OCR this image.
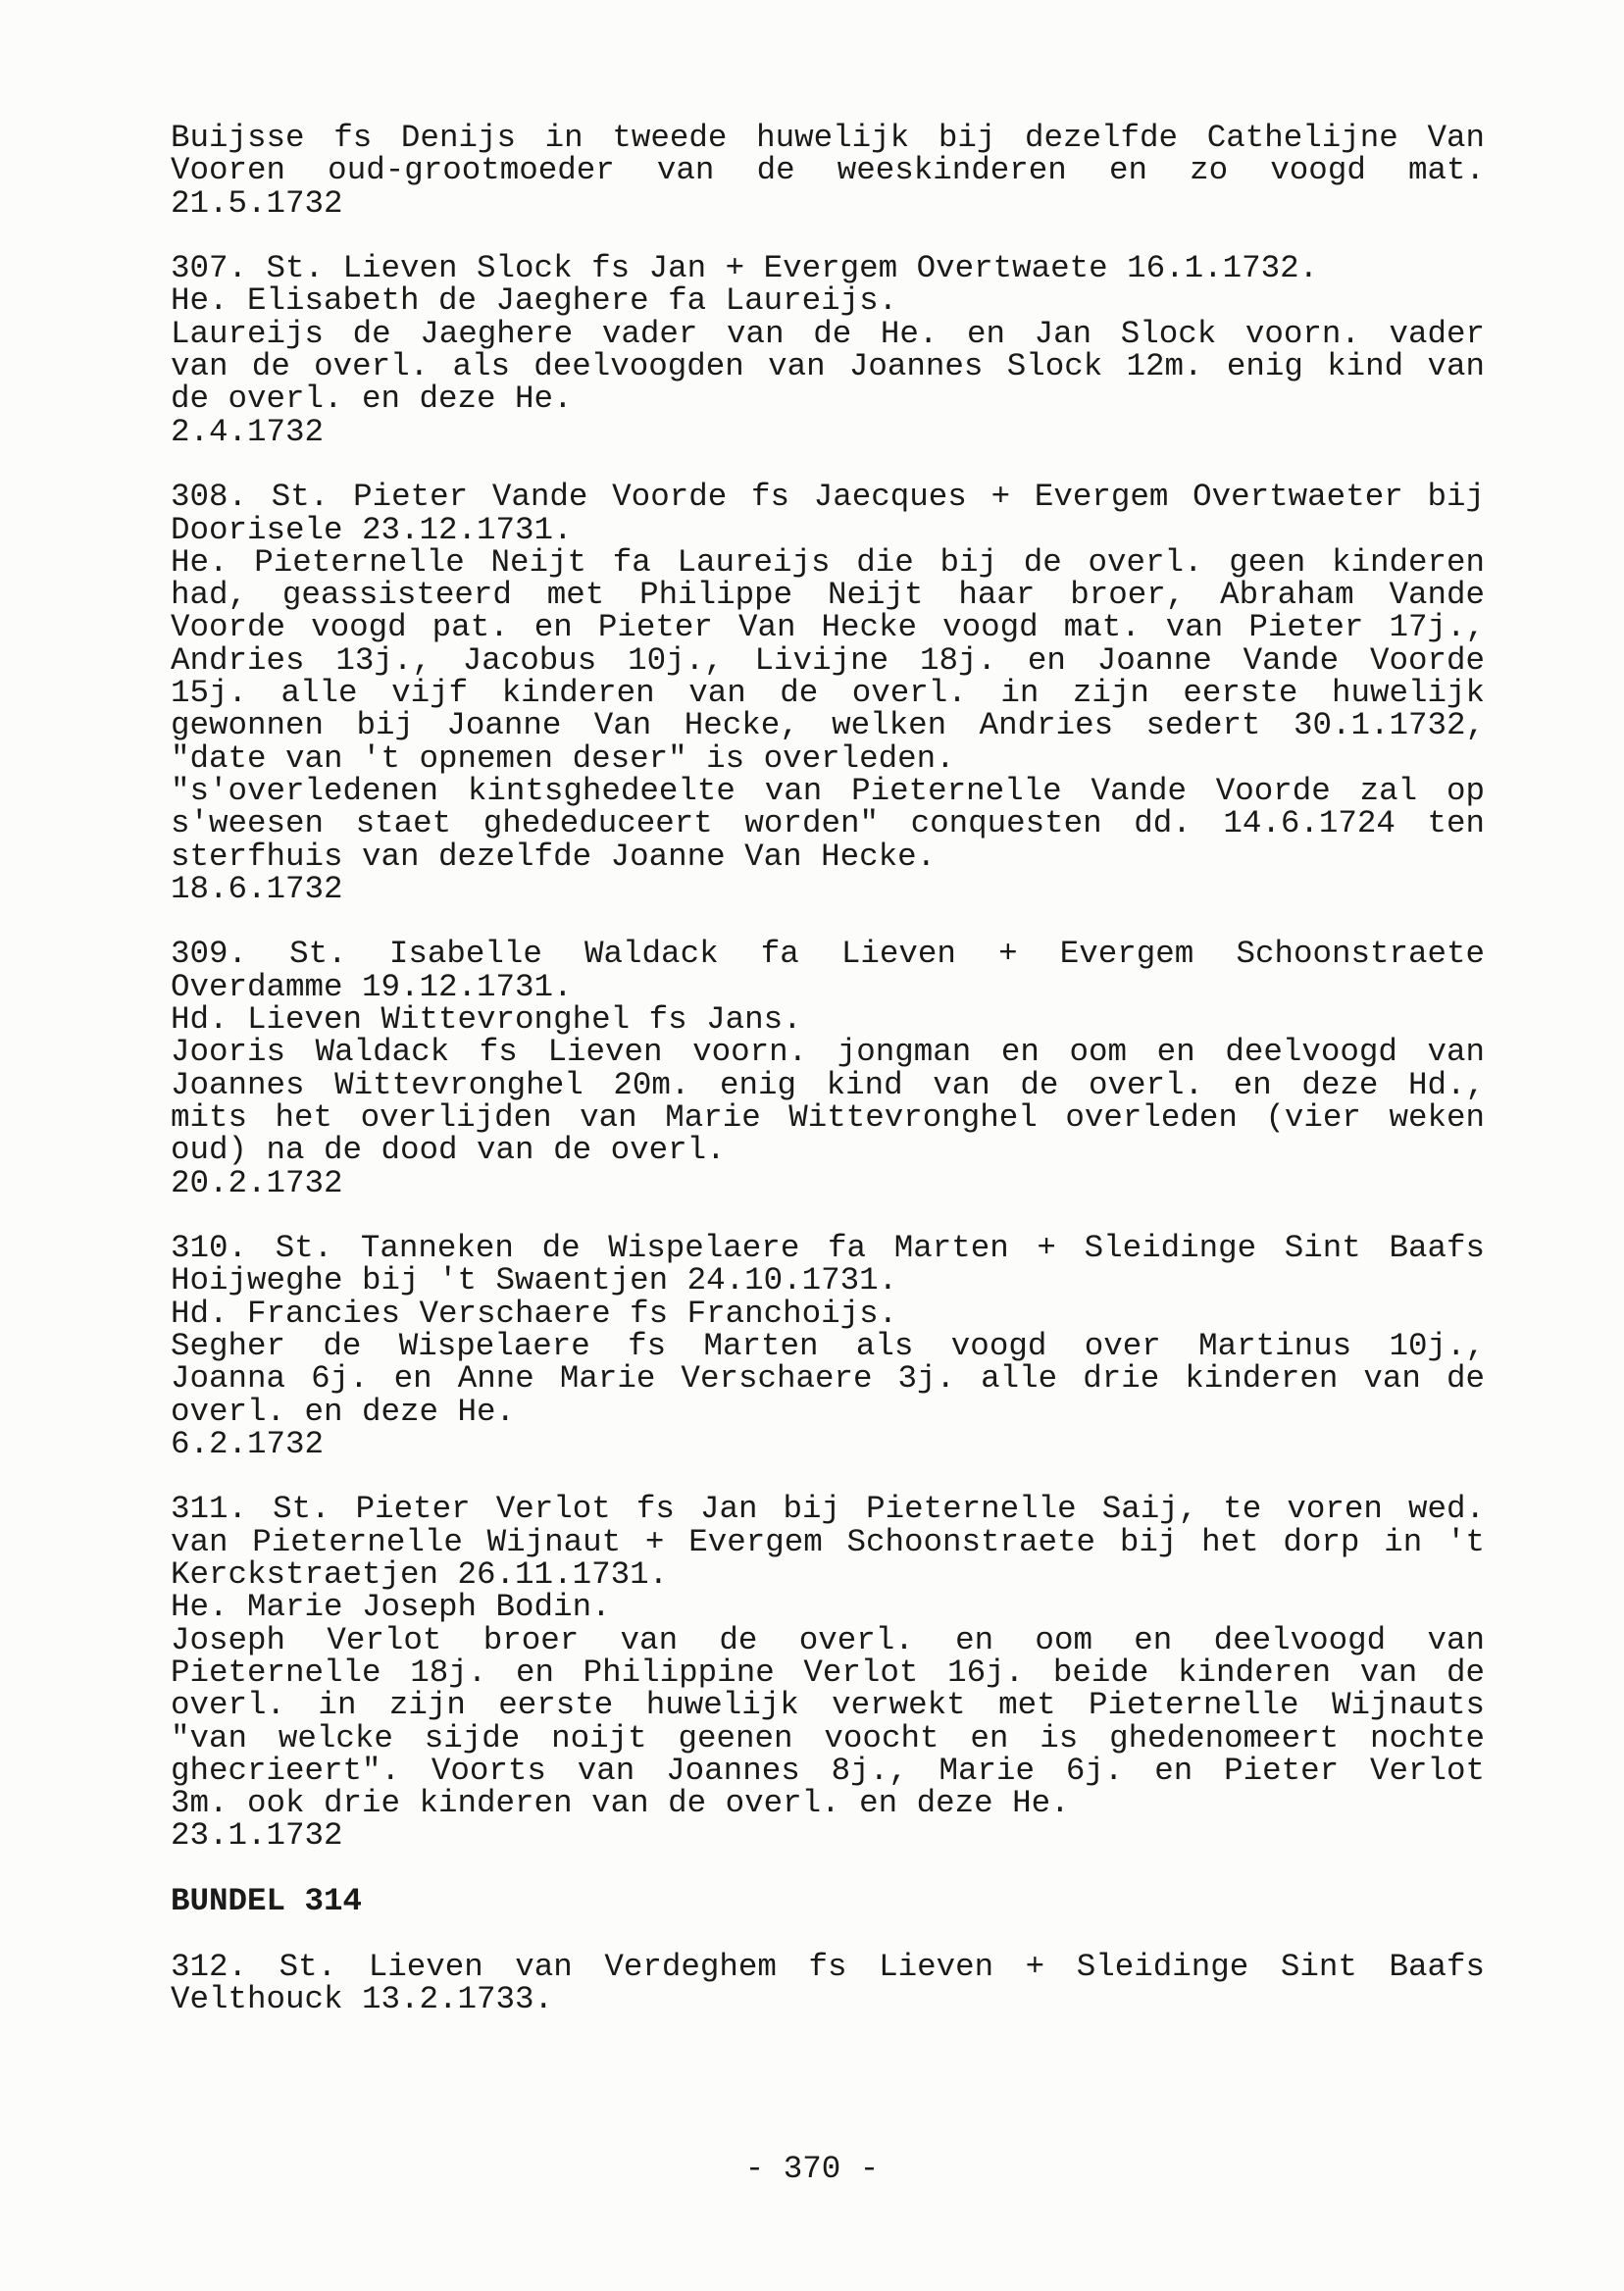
Buijsse fs Denijs in tweede huwelijk bij dezelfde Cathelijne Van
Vooren oud-grootmoeder van de weeskinderen en zo voogd mat.
21.5.1732
307. St. Lieven Slock fs Jan + Evergem Overtwaete 16.1.1732.
He. Elisabeth de Jaeghere fa Laureijs.
Laureijs de Jaeghere vader van de He. en Jan Slock voorn. vader
van de overl. als deelvoogden van Joannes Slock 12m. enig kind van
de overl. en deze He.
2.4.1732
308. St. Pieter Vande Voorde fs Jaecques + Evergem Overtwaeter bij
Doorisele 23.12.1731.
He. Pieternelle Neijt fa Laureijs die bij de overl. geen kinderen
had, geassisteerd met Philippe Neijt haar broer, Abraham Vande
Voorde voogd pat. en Pieter Van Hecke voogd mat. van Pieter 17j.,
Andries 13j., Jacobus 10j., Livijne 18j. en Joanne Vande Voorde
15j. alle vijf kinderen van de overl. in zijn eerste huwelijk
gewonnen bij Joanne Van Hecke, welken Andries sedert 30.1.1732,
"date van 't opnemen deser" is overleden.
"s'overledenen kintsghedeelte van Pieternelle Vande Voorde zal op
s'weesen staet ghededuceert worden" conquesten dd. 14.6.1724 ten
sterfhuis van dezelfde Joanne Van Hecke.
18.6.1732
309. St. Isabelle Waldack fa Lieven + Evergem Schoonstraete
Overdamme 19.12.1731.
Hd. Lieven Wittevronghel fs Jans.
Jooris Waldack fs Lieven voorn. jongman en oom en deelvoogd van
Joannes Wittevronghel 20m. enig kind van de overl. en deze Hd.,
mits het overlijden van Marie Wittevronghel overleden (vier weken
oud) na de dood van de overl.
20.2.1732
310. St. Tanneken de Wispelaere fa Marten + Sleidinge Sint Baafs
Hoijweghe bij 't Swaentjen 24.10.1731.
Hd. Francies Verschaere fs Franchoijs.
Segher de Wispelaere fs Marten als voogd over Martinus 10j.,
Joanna 6j. en Anne Marie Verschaere 3j. alle drie kinderen van de
overl. en deze He.
6.2.1732
311. St. Pieter Verlot fs Jan bij Pieternelle Saij, te voren wed.
van Pieternelle Wijnaut + Evergem Schoonstraete bij het dorp in 't
Kerckstraetjen 26.11.1731.
He. Marie Joseph Bodin.
Joseph Verlot broer van de overl. en oom en deelvoogd van
Pieternelle 18j. en Philippine Verlot 16j. beide kinderen van de
overl. in zijn eerste huwelijk verwekt met Pieternelle Wijnauts
"van welcke sijde noijt geenen voocht en is ghedenomeert nochte
ghecrieert". Voorts van Joannes 8j., Marie 6j. en Pieter Verlot
3m. ook drie kinderen van de overl. en deze He.
23.1.1732
BUNDEL 314
312. St. Lieven van Verdeghem fs Lieven + Sleidinge Sint Baafs
Velthouck 13.2.1733.
- 370 -
